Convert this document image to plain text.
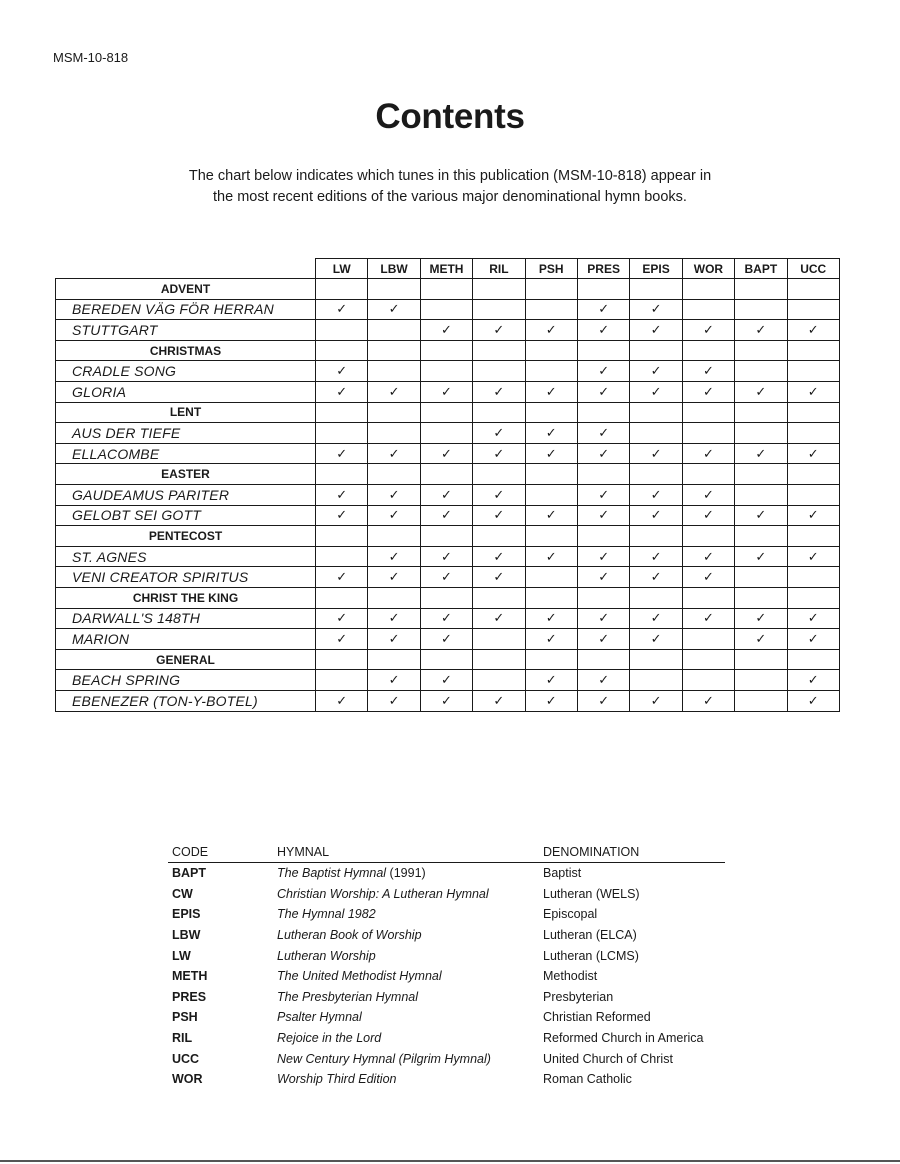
MSM-10-818
Contents
The chart below indicates which tunes in this publication (MSM-10-818) appear in
the most recent editions of the various major denominational hymn books.
	LW	LBW	METH	RIL	PSH	PRES	EPIS	WOR	BAPT	UCC
ADVENT										
BEREDEN VÄG FÖR HERRAN	✓	✓				✓	✓			
STUTTGART			✓	✓	✓	✓	✓	✓	✓	✓
CHRISTMAS										
CRADLE SONG	✓					✓	✓	✓		
GLORIA	✓	✓	✓	✓	✓	✓	✓	✓	✓	✓
LENT										
AUS DER TIEFE				✓	✓	✓				
ELLACOMBE	✓	✓	✓	✓	✓	✓	✓	✓	✓	✓
EASTER										
GAUDEAMUS PARITER	✓	✓	✓	✓		✓	✓	✓		
GELOBT SEI GOTT	✓	✓	✓	✓	✓	✓	✓	✓	✓	✓
PENTECOST										
ST. AGNES		✓	✓	✓	✓	✓	✓	✓	✓	✓
VENI CREATOR SPIRITUS	✓	✓	✓	✓		✓	✓	✓		
CHRIST THE KING										
DARWALL'S 148TH	✓	✓	✓	✓	✓	✓	✓	✓	✓	✓
MARION	✓	✓	✓		✓	✓	✓		✓	✓
GENERAL										
BEACH SPRING		✓	✓		✓	✓				✓
EBENEZER (TON-Y-BOTEL)	✓	✓	✓	✓	✓	✓	✓	✓		✓
CODE	HYMNAL	DENOMINATION
BAPT	The Baptist Hymnal (1991)	Baptist
CW	Christian Worship: A Lutheran Hymnal	Lutheran (WELS)
EPIS	The Hymnal 1982	Episcopal
LBW	Lutheran Book of Worship	Lutheran (ELCA)
LW	Lutheran Worship	Lutheran (LCMS)
METH	The United Methodist Hymnal	Methodist
PRES	The Presbyterian Hymnal	Presbyterian
PSH	Psalter Hymnal	Christian Reformed
RIL	Rejoice in the Lord	Reformed Church in America
UCC	New Century Hymnal (Pilgrim Hymnal)	United Church of Christ
WOR	Worship Third Edition	Roman Catholic
